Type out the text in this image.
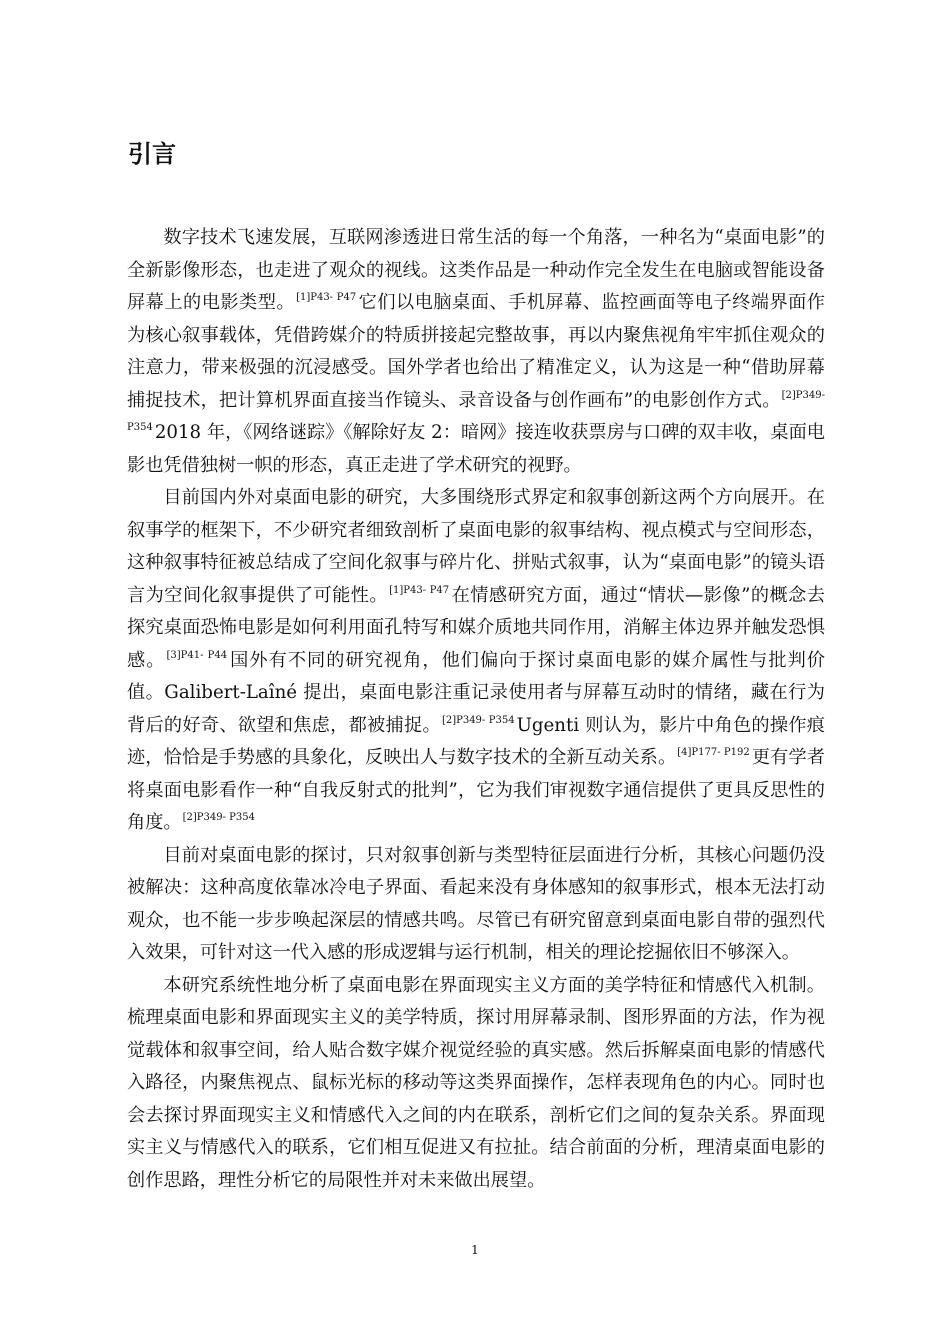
引言

数字技术飞速发展，互联网渗透进日常生活的每一个角落，一种名为“桌面电影”的全新影像形态，也走进了观众的视线。这类作品是一种动作完全发生在电脑或智能设备屏幕上的电影类型。$^{[1]P43- P47}$ 它们以电脑桌面、手机屏幕、监控画面等电子终端界面作为核心叙事载体，凭借跨媒介的特质拼接起完整故事，再以内聚焦视角牢牢抓住观众的注意力，带来极强的沉浸感受。国外学者也给出了精准定义，认为这是一种“借助屏幕捕捉技术，把计算机界面直接当作镜头、录音设备与创作画布”的电影创作方式。$^{[2]P349- P354}$ 2018 年，《网络谜踪》《解除好友 2：暗网》接连收获票房与口碑的双丰收，桌面电影也凭借独树一帜的形态，真正走进了学术研究的视野。

目前国内外对桌面电影的研究，大多围绕形式界定和叙事创新这两个方向展开。在叙事学的框架下，不少研究者细致剖析了桌面电影的叙事结构、视点模式与空间形态，这种叙事特征被总结成了空间化叙事与碎片化、拼贴式叙事，认为“桌面电影”的镜头语言为空间化叙事提供了可能性。$^{[1]P43- P47}$ 在情感研究方面，通过“情状—影像”的概念去探究桌面恐怖电影是如何利用面孔特写和媒介质地共同作用，消解主体边界并触发恐惧感。$^{[3]P41- P44}$ 国外有不同的研究视角，他们偏向于探讨桌面电影的媒介属性与批判价值。Galibert-Laîné 提出，桌面电影注重记录使用者与屏幕互动时的情绪，藏在行为背后的好奇、欲望和焦虑，都被捕捉。$^{[2]P349- P354}$ Ugenti 则认为，影片中角色的操作痕迹，恰恰是手势感的具象化，反映出人与数字技术的全新互动关系。$^{[4]P177- P192}$ 更有学者将桌面电影看作一种“自我反射式的批判”，它为我们审视数字通信提供了更具反思性的角度。$^{[2]P349- P354}$

目前对桌面电影的探讨，只对叙事创新与类型特征层面进行分析，其核心问题仍没被解决：这种高度依靠冰冷电子界面、看起来没有身体感知的叙事形式，根本无法打动观众，也不能一步步唤起深层的情感共鸣。尽管已有研究留意到桌面电影自带的强烈代入效果，可针对这一代入感的形成逻辑与运行机制，相关的理论挖掘依旧不够深入。

本研究系统性地分析了桌面电影在界面现实主义方面的美学特征和情感代入机制。梳理桌面电影和界面现实主义的美学特质，探讨用屏幕录制、图形界面的方法，作为视觉载体和叙事空间，给人贴合数字媒介视觉经验的真实感。然后拆解桌面电影的情感代入路径，内聚焦视点、鼠标光标的移动等这类界面操作，怎样表现角色的内心。同时也会去探讨界面现实主义和情感代入之间的内在联系，剖析它们之间的复杂关系。界面现实主义与情感代入的联系，它们相互促进又有拉扯。结合前面的分析，理清桌面电影的创作思路，理性分析它的局限性并对未来做出展望。

1
